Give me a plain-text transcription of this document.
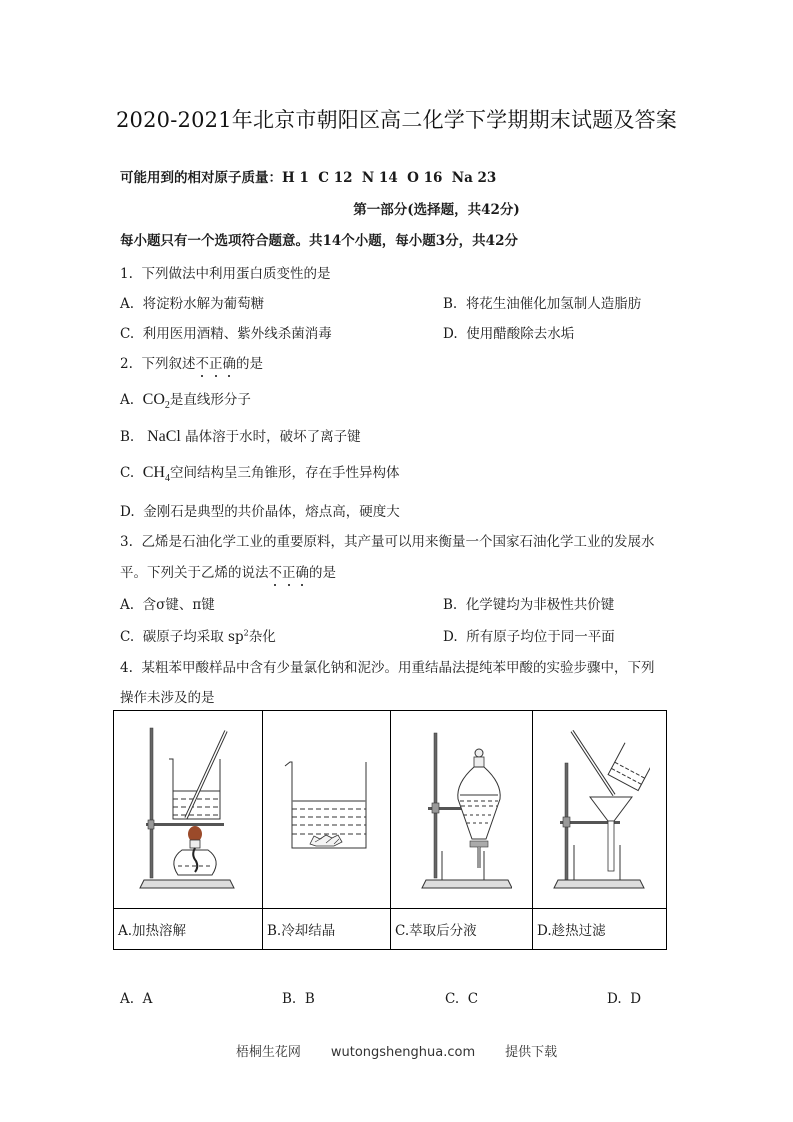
2020-2021年北京市朝阳区高二化学下学期期末试题及答案
可能用到的相对原子质量：H 1  C 12  N 14  O 16  Na 23
第一部分(选择题，共42分)
每小题只有一个选项符合题意。共14个小题，每小题3分，共42分
1. 下列做法中利用蛋白质变性的是
A. 将淀粉水解为葡萄糖	B. 将花生油催化加氢制人造脂肪
C. 利用医用酒精、紫外线杀菌消毒	D. 使用醋酸除去水垢
2. 下列叙述不正确的是
A. $CO_2$是直线形分子
B. NaCl 晶体溶于水时，破坏了离子键
C. $CH_4$空间结构呈三角锥形，存在手性异构体
D. 金刚石是典型的共价晶体，熔点高，硬度大
3. 乙烯是石油化学工业的重要原料，其产量可以用来衡量一个国家石油化学工业的发展水
平。下列关于乙烯的说法不正确的是
A. 含σ键、π键	B. 化学键均为非极性共价键
C. 碳原子均采取 $sp^2$杂化	D. 所有原子均位于同一平面
4. 某粗苯甲酸样品中含有少量氯化钠和泥沙。用重结晶法提纯苯甲酸的实验步骤中，下列
操作未涉及的是

A.加热溶解	B.冷却结晶	C.萃取后分液	D.趁热过滤
A. A	B. B	C. C	D. D
梧桐生花网 wutongshenghua.com 提供下载
